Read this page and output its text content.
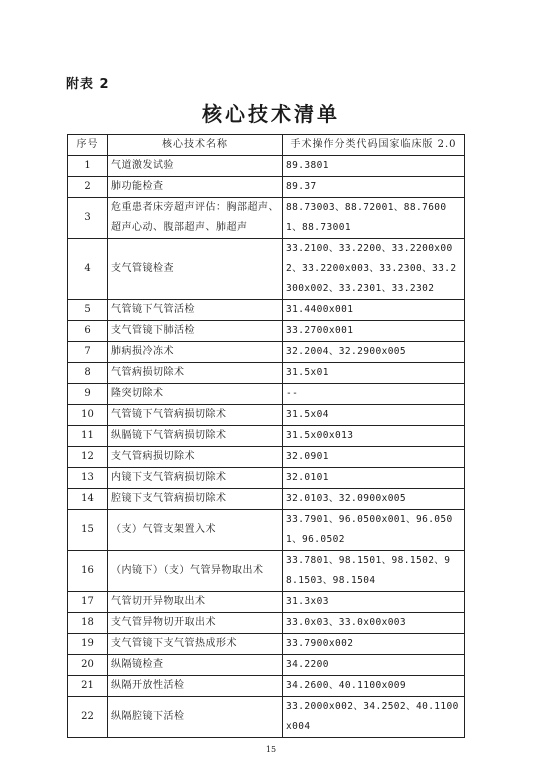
附表 2
核心技术清单
序号	核心技术名称	手术操作分类代码国家临床版 2.0
1	气道激发试验	89.3801
2	肺功能检查	89.37
3	危重患者床旁超声评估：胸部超声、超声心动、腹部超声、肺超声	88.73003、88.72001、88.76001、88.73001
4	支气管镜检查	33.2100、33.2200、33.2200x002、33.2200x003、33.2300、33.2300x002、33.2301、33.2302
5	气管镜下气管活检	31.4400x001
6	支气管镜下肺活检	33.2700x001
7	肺病损冷冻术	32.2004、32.2900x005
8	气管病损切除术	31.5x01
9	隆突切除术	--
10	气管镜下气管病损切除术	31.5x04
11	纵膈镜下气管病损切除术	31.5x00x013
12	支气管病损切除术	32.0901
13	内镜下支气管病损切除术	32.0101
14	腔镜下支气管病损切除术	32.0103、32.0900x005
15	（支）气管支架置入术	33.7901、96.0500x001、96.0501、96.0502
16	（内镜下）（支）气管异物取出术	33.7801、98.1501、98.1502、98.1503、98.1504
17	气管切开异物取出术	31.3x03
18	支气管异物切开取出术	33.0x03、33.0x00x003
19	支气管镜下支气管热成形术	33.7900x002
20	纵隔镜检查	34.2200
21	纵隔开放性活检	34.2600、40.1100x009
22	纵隔腔镜下活检	33.2000x002、34.2502、40.1100x004
15
